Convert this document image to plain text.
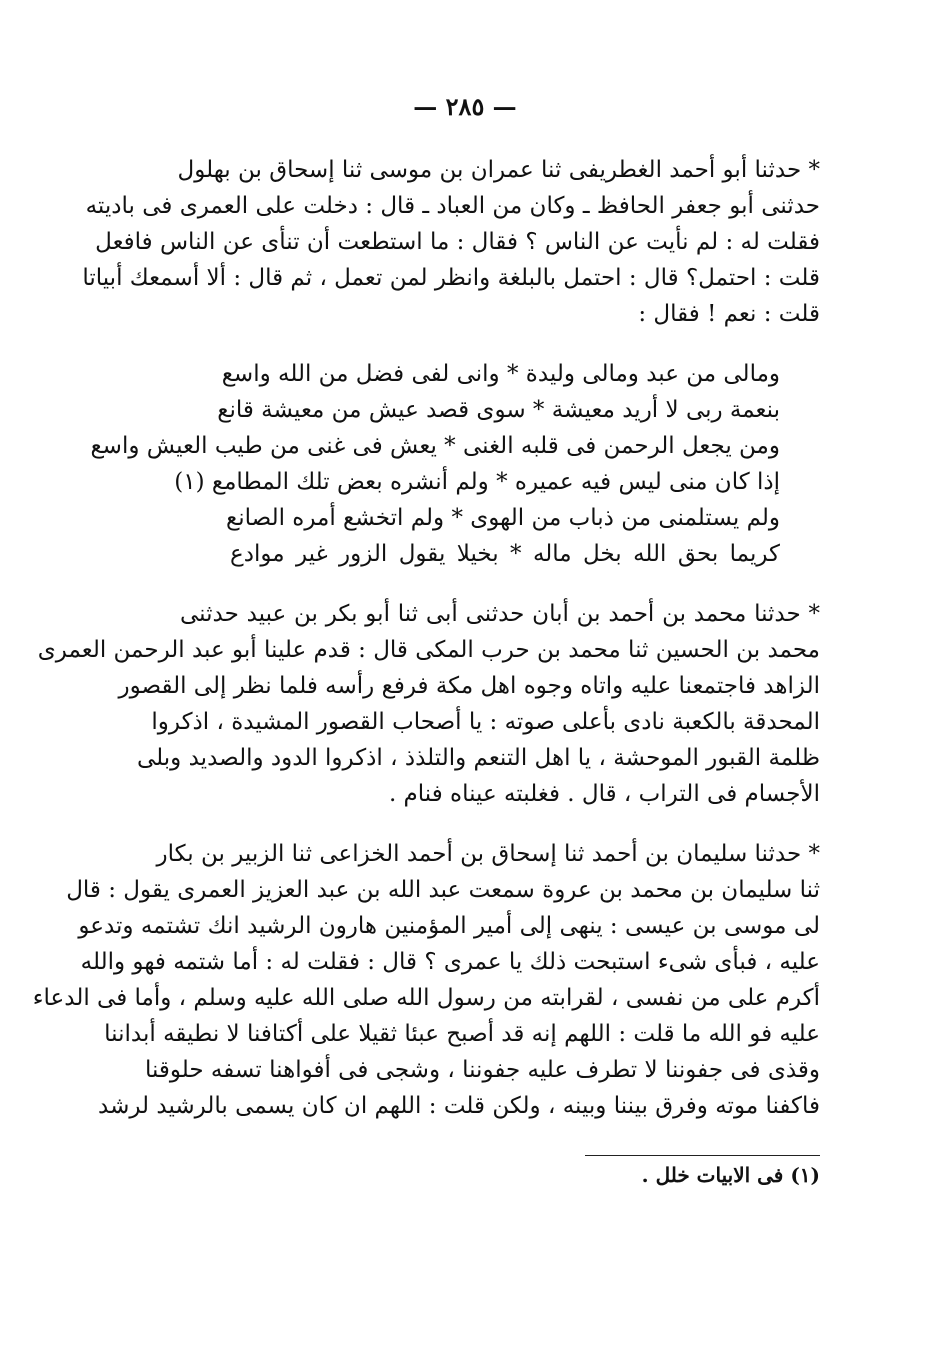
— ٢٨٥ —
* حدثنا أبو أحمد الغطريفى ثنا عمران بن موسى ثنا إسحاق بن بهلول
حدثنى أبو جعفر الحافظ ـ وكان من العباد ـ قال : دخلت على العمرى فى باديته
فقلت له : لم نأيت عن الناس ؟ فقال : ما استطعت أن تنأى عن الناس فافعل
قلت : احتمل؟ قال : احتمل بالبلغة وانظر لمن تعمل ، ثم قال : ألا أسمعك أبياتا
قلت : نعم ! فقال :
ومالى من عبد ومالى وليدة * وانى لفى فضل من الله واسع
بنعمة ربى لا أريد معيشة * سوى قصد عيش من معيشة قانع
ومن يجعل الرحمن فى قلبه الغنى * يعش فى غنى من طيب العيش واسع
إذا كان منى ليس فيه عميره * ولم أنشره بعض تلك المطامع (١)
ولم يستلمنى من ذباب من الهوى * ولم اتخشع أمره الصانع
كريما بحق الله بخل ماله * بخيلا يقول الزور غير موادع
* حدثنا محمد بن أحمد بن أبان حدثنى أبى ثنا أبو بكر بن عبيد حدثنى
محمد بن الحسين ثنا محمد بن حرب المكى قال : قدم علينا أبو عبد الرحمن العمرى
الزاهد فاجتمعنا عليه واتاه وجوه اهل مكة فرفع رأسه فلما نظر إلى القصور
المحدقة بالكعبة نادى بأعلى صوته : يا أصحاب القصور المشيدة ، اذكروا
ظلمة القبور الموحشة ، يا اهل التنعم والتلذذ ، اذكروا الدود والصديد وبلى
الأجسام فى التراب ، قال . فغلبته عيناه فنام .
* حدثنا سليمان بن أحمد ثنا إسحاق بن أحمد الخزاعى ثنا الزبير بن بكار
ثنا سليمان بن محمد بن عروة سمعت عبد الله بن عبد العزيز العمرى يقول : قال
لى موسى بن عيسى : ينهى إلى أمير المؤمنين هارون الرشيد انك تشتمه وتدعو
عليه ، فبأى شىء استبحت ذلك يا عمرى ؟ قال : فقلت له : أما شتمه فهو والله
أكرم على من نفسى ، لقرابته من رسول الله صلى الله عليه وسلم ، وأما فى الدعاء
عليه فو الله ما قلت : اللهم إنه قد أصبح عبئا ثقيلا على أكتافنا لا نطيقه أبداننا
وقذى فى جفوننا لا تطرف عليه جفوننا ، وشجى فى أفواهنا تسفه حلوقنا
فاكفنا موته وفرق بيننا وبينه ، ولكن قلت : اللهم ان كان يسمى بالرشيد لرشد
(١) فى الابيات خلل .
